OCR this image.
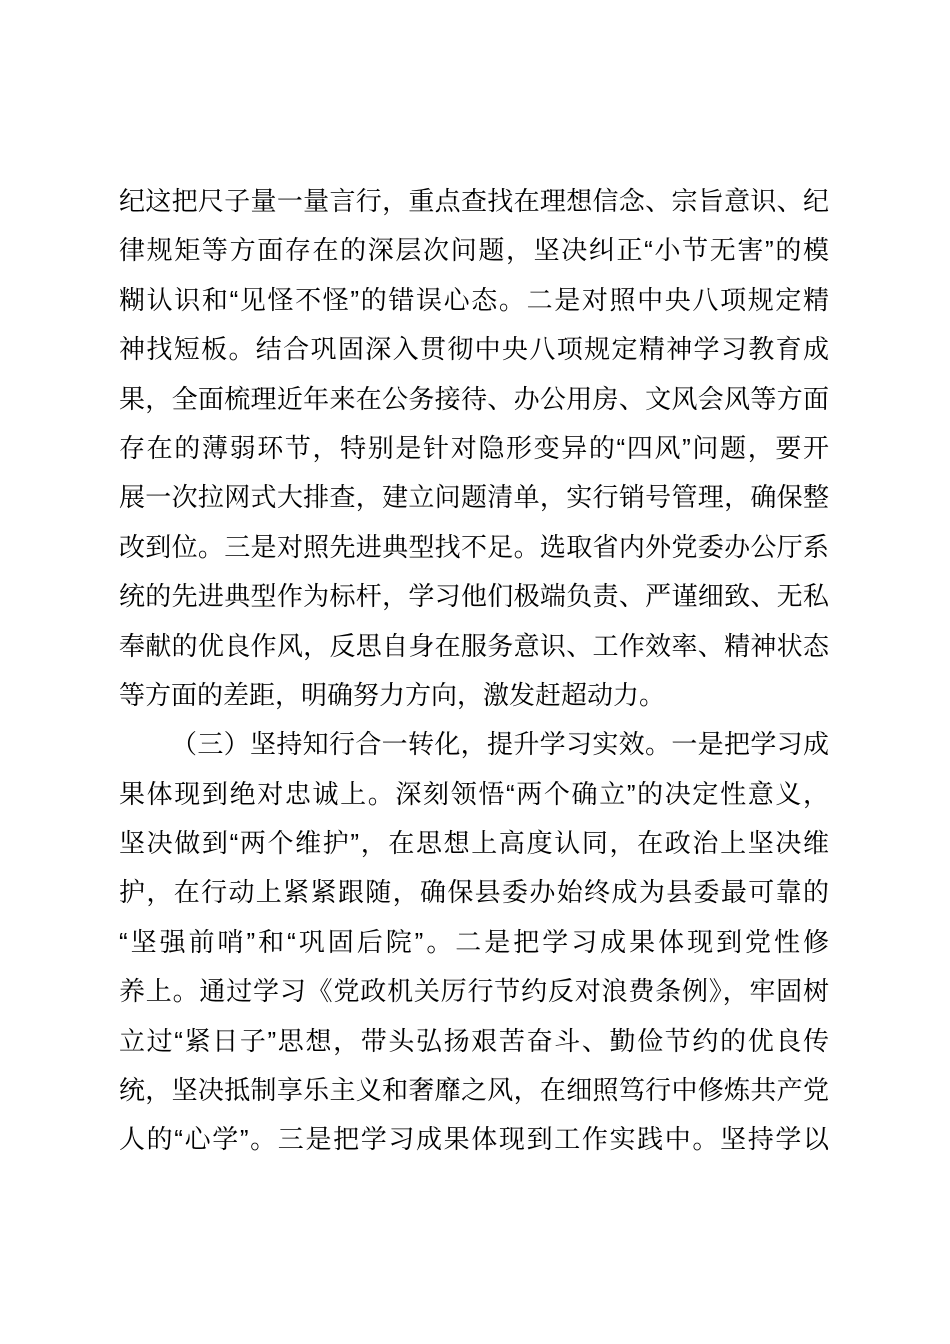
纪这把尺子量一量言行，重点查找在理想信念、宗旨意识、纪
律规矩等方面存在的深层次问题，坚决纠正“小节无害”的模
糊认识和“见怪不怪”的错误心态。二是对照中央八项规定精
神找短板。结合巩固深入贯彻中央八项规定精神学习教育成
果，全面梳理近年来在公务接待、办公用房、文风会风等方面
存在的薄弱环节，特别是针对隐形变异的“四风”问题，要开
展一次拉网式大排查，建立问题清单，实行销号管理，确保整
改到位。三是对照先进典型找不足。选取省内外党委办公厅系
统的先进典型作为标杆，学习他们极端负责、严谨细致、无私
奉献的优良作风，反思自身在服务意识、工作效率、精神状态
等方面的差距，明确努力方向，激发赶超动力。
（三）坚持知行合一转化，提升学习实效。一是把学习成
果体现到绝对忠诚上。深刻领悟“两个确立”的决定性意义，
坚决做到“两个维护”，在思想上高度认同，在政治上坚决维
护，在行动上紧紧跟随，确保县委办始终成为县委最可靠的
“坚强前哨”和“巩固后院”。二是把学习成果体现到党性修
养上。通过学习《党政机关厉行节约反对浪费条例》，牢固树
立过“紧日子”思想，带头弘扬艰苦奋斗、勤俭节约的优良传
统，坚决抵制享乐主义和奢靡之风，在细照笃行中修炼共产党
人的“心学”。三是把学习成果体现到工作实践中。坚持学以
